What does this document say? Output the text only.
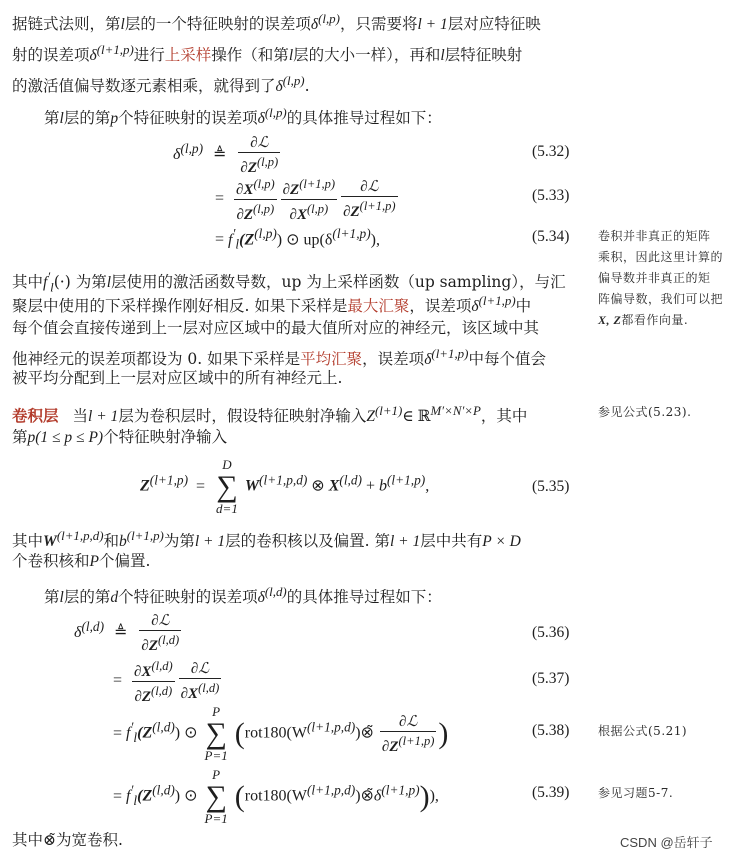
据链式法则，第l层的一个特征映射的误差项$\delta^{(l,p)}$，只需要将l + 1层对应特征映
射的误差项$\delta^{(l+1,p)}$进行上采样操作（和第l层的大小一样），再和l层特征映射
的激活值偏导数逐元素相乘，就得到了$\delta^{(l,p)}$.
第l层的第p个特征映射的误差项$\delta^{(l,p)}$的具体推导过程如下：
$\delta^{(l,p)}$ ≜ $\frac{\text{∂ℒ}}{\partial Z^{(l,p)}}$	(5.32)
= $\frac{\partial X^{(l,p)}}{\partial Z^{(l,p)}} \frac{\partial Z^{(l+1,p)}}{\partial X^{(l,p)}} \frac{\text{∂ℒ}}{\partial Z^{(l+1,p)}}$	(5.33)
= $f'_l(Z^{(l,p)})$ ⊙ $up(\delta^{(l+1,p)})$,	(5.34) 卷积并非真正的矩阵
乘积，因此这里计算的
偏导数并非真正的矩
阵偏导数，我们可以把
X, Z都看作向量.
其中$f'_l(\cdot)$ 为第l层使用的激活函数导数，up 为上采样函数（up sampling），与汇
聚层中使用的下采样操作刚好相反. 如果下采样是最大汇聚，误差项$\delta^{(l+1,p)}$中
每个值会直接传递到上一层对应区域中的最大值所对应的神经元，该区域中其
他神经元的误差项都设为 0. 如果下采样是平均汇聚，误差项$\delta^{(l+1,p)}$中每个值会
被平均分配到上一层对应区域中的所有神经元上.
卷积层 当l + 1层为卷积层时，假设特征映射净输入$Z^{(l+1)}\in$ ℝ$^{M'\times N'\times P}$，其中	参见公式(5.23).
第p(1 ≤ p ≤ P)个特征映射净输入
$Z^{(l+1,p)} = D$
∑
d=1 $W^{(l+1,p,d)}$ ⊗ $X^{(l,d)} + b^{(l+1,p)}$,	(5.35)
其中$W^{(l+1,p,d)}$和$b^{(l+1,p)}$为第l + 1层的卷积核以及偏置. 第l + 1层中共有P × D
个卷积核和P个偏置.
第l层的第d个特征映射的误差项$\delta^{(l,d)}$的具体推导过程如下：
$\delta^{(l,d)}$ ≜ $\frac{\text{∂ℒ}}{\partial Z^{(l,d)}}$	(5.36)
= $\frac{\partial X^{(l,d)}}{\partial Z^{(l,d)}} \frac{\text{∂ℒ}}{\partial X^{(l,d)}}$	(5.37)
= $f'_l(Z^{(l,d)})$ ⊙ P
∑
P=1 ($rot180(W^{(l+1,p,d)})\otimes̃ \frac{\text{∂ℒ}}{\partial Z^{(l+1,p)}}$ )	(5.38) 根据公式(5.21)
= $f'_l(Z^{(l,d)})$ ⊙ P
∑
P=1 $(rot180(W^{(l+1,p,d)})\otimes̃\delta^{(l+1,p)})$),	(5.39) 参见习题5-7.
其中⊗̃为宽卷积.	CSDN @岳轩子
